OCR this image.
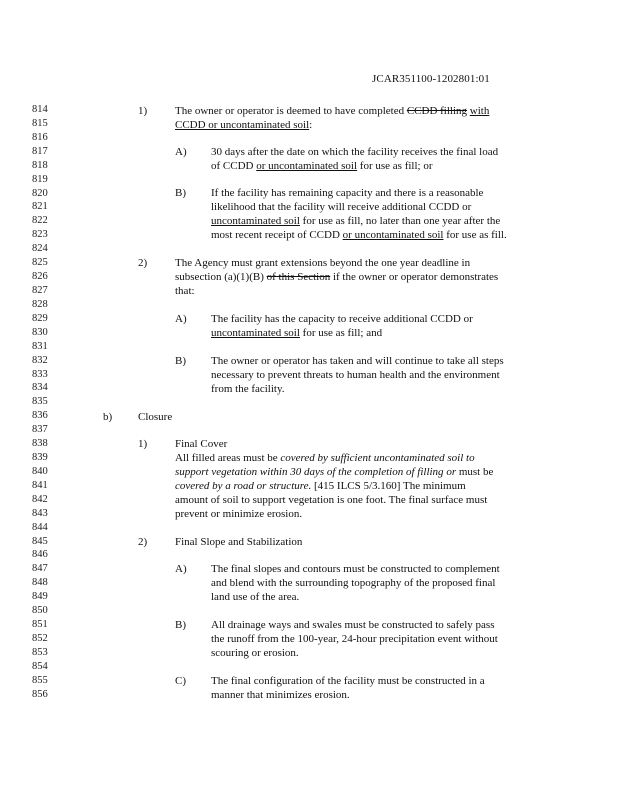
JCAR351100-1202801:01
814
815
816
817
818
819
820
821
822
823
824
825
826
827
828
829
830
831
832
833
834
835
836
837
838
839
840
841
842
843
844
845
846
847
848
849
850
851
852
853
854
855
856
1)	The owner or operator is deemed to have completed CCDD filling with
CCDD or uncontaminated soil:
A) 30 days after the date on which the facility receives the final load
of CCDD or uncontaminated soil for use as fill; or
B) If the facility has remaining capacity and there is a reasonable
likelihood that the facility will receive additional CCDD or
uncontaminated soil for use as fill, no later than one year after the
most recent receipt of CCDD or uncontaminated soil for use as fill.
2)	The Agency must grant extensions beyond the one year deadline in
subsection (a)(1)(B) of this Section if the owner or operator demonstrates
that:
A) The facility has the capacity to receive additional CCDD or
uncontaminated soil for use as fill; and
B) The owner or operator has taken and will continue to take all steps
necessary to prevent threats to human health and the environment
from the facility.
b) Closure
1)	Final Cover
All filled areas must be covered by sufficient uncontaminated soil to
support vegetation within 30 days of the completion of filling or must be
covered by a road or structure. [415 ILCS 5/3.160] The minimum
amount of soil to support vegetation is one foot. The final surface must
prevent or minimize erosion.
2)	Final Slope and Stabilization
A) The final slopes and contours must be constructed to complement
and blend with the surrounding topography of the proposed final
land use of the area.
B) All drainage ways and swales must be constructed to safely pass
the runoff from the 100-year, 24-hour precipitation event without
scouring or erosion.
C) The final configuration of the facility must be constructed in a
manner that minimizes erosion.
